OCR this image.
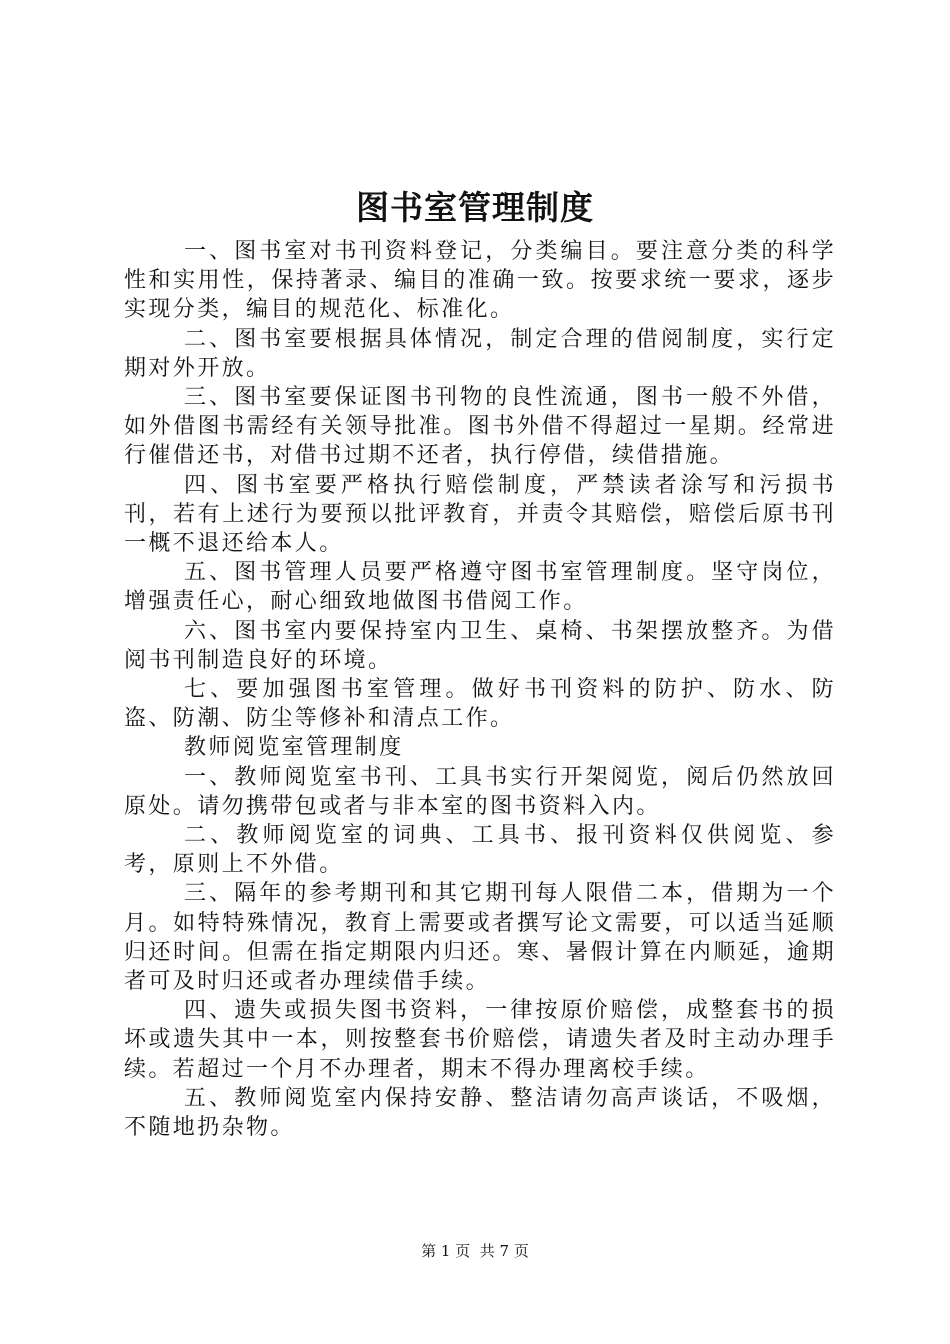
图书室管理制度

一、图书室对书刊资料登记，分类编目。要注意分类的科学性和实用性，保持著录、编目的准确一致。按要求统一要求，逐步实现分类，编目的规范化、标准化。

二、图书室要根据具体情况，制定合理的借阅制度，实行定期对外开放。

三、图书室要保证图书刊物的良性流通，图书一般不外借，如外借图书需经有关领导批准。图书外借不得超过一星期。经常进行催借还书，对借书过期不还者，执行停借，续借措施。

四、图书室要严格执行赔偿制度，严禁读者涂写和污损书刊，若有上述行为要预以批评教育，并责令其赔偿，赔偿后原书刊一概不退还给本人。

五、图书管理人员要严格遵守图书室管理制度。坚守岗位，增强责任心，耐心细致地做图书借阅工作。

六、图书室内要保持室内卫生、桌椅、书架摆放整齐。为借阅书刊制造良好的环境。

七、要加强图书室管理。做好书刊资料的防护、防水、防盗、防潮、防尘等修补和清点工作。

教师阅览室管理制度

一、教师阅览室书刊、工具书实行开架阅览，阅后仍然放回原处。请勿携带包或者与非本室的图书资料入内。

二、教师阅览室的词典、工具书、报刊资料仅供阅览、参考，原则上不外借。

三、隔年的参考期刊和其它期刊每人限借二本，借期为一个月。如特特殊情况，教育上需要或者撰写论文需要，可以适当延顺归还时间。但需在指定期限内归还。寒、暑假计算在内顺延，逾期者可及时归还或者办理续借手续。

四、遗失或损失图书资料，一律按原价赔偿，成整套书的损坏或遗失其中一本，则按整套书价赔偿，请遗失者及时主动办理手续。若超过一个月不办理者，期末不得办理离校手续。

五、教师阅览室内保持安静、整洁请勿高声谈话，不吸烟，不随地扔杂物。

第 1 页  共 7 页
